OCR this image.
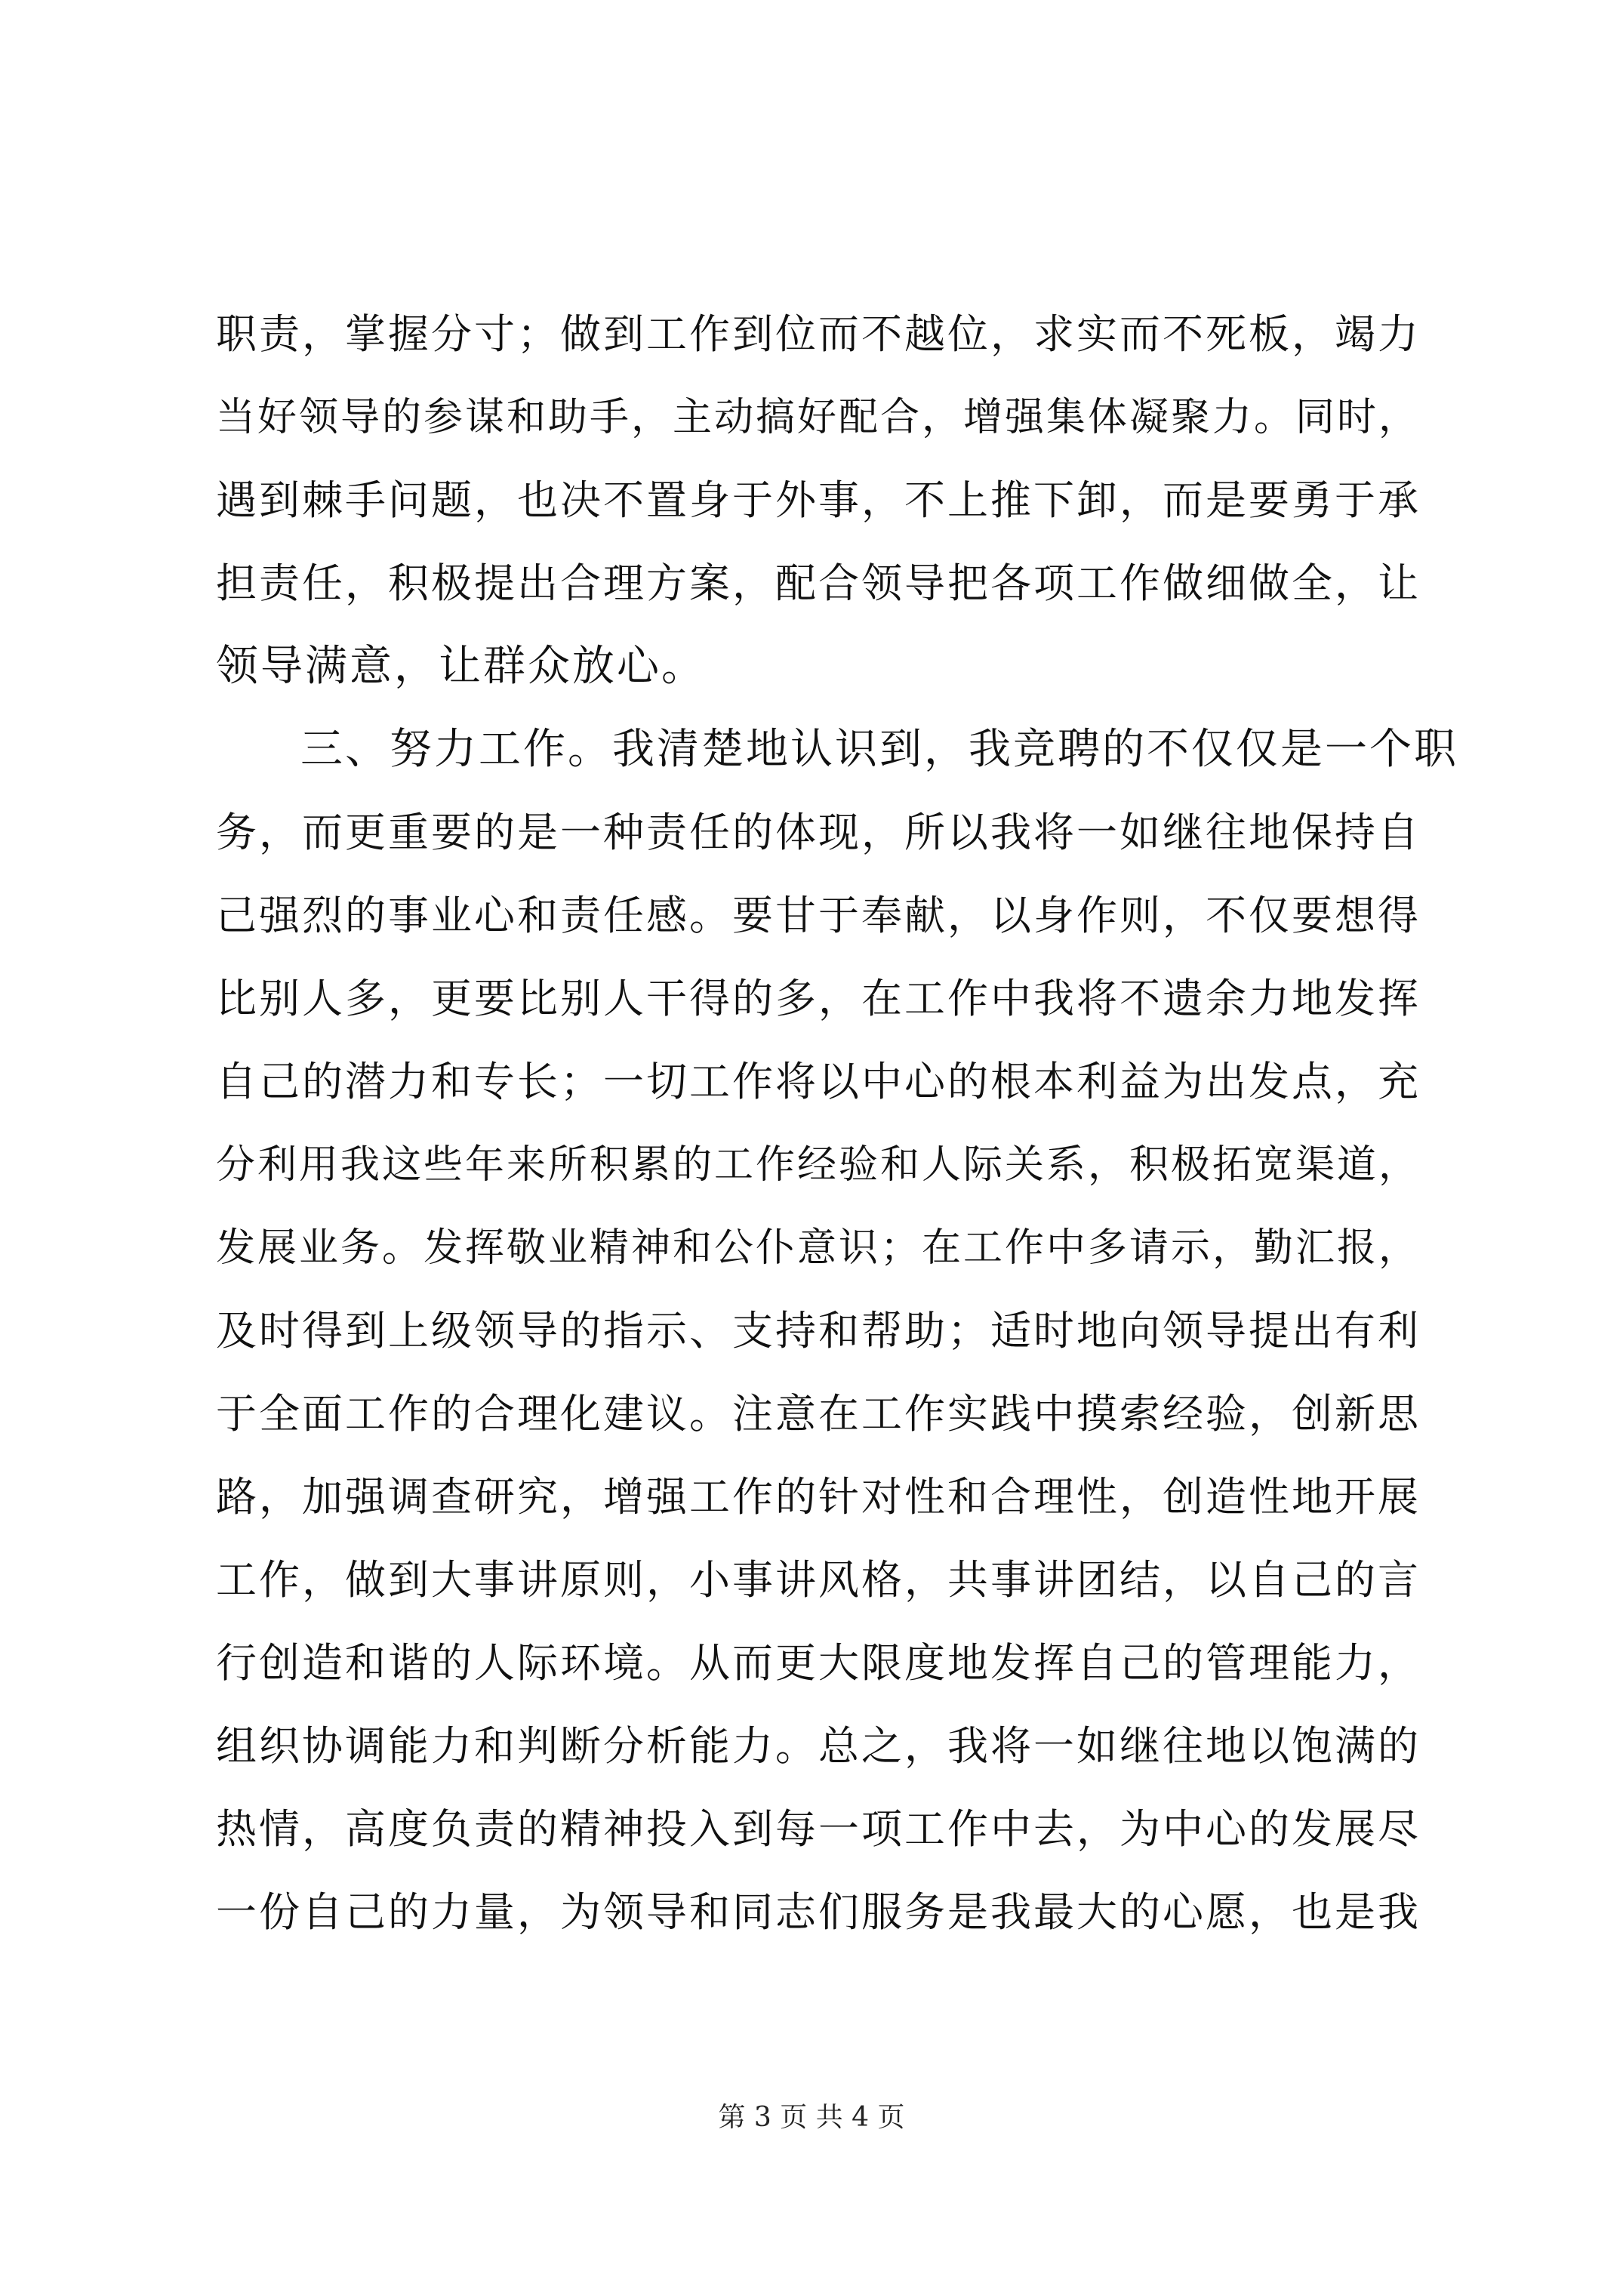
职责，掌握分寸；做到工作到位而不越位，求实而不死板，竭力
当好领导的参谋和助手，主动搞好配合，增强集体凝聚力。同时，
遇到棘手问题，也决不置身于外事，不上推下卸，而是要勇于承
担责任，积极提出合理方案，配合领导把各项工作做细做全，让
领导满意，让群众放心。
三、努力工作。我清楚地认识到，我竞聘的不仅仅是一个职
务，而更重要的是一种责任的体现，所以我将一如继往地保持自
己强烈的事业心和责任感。要甘于奉献，以身作则，不仅要想得
比别人多，更要比别人干得的多，在工作中我将不遗余力地发挥
自己的潜力和专长；一切工作将以中心的根本利益为出发点，充
分利用我这些年来所积累的工作经验和人际关系，积极拓宽渠道，
发展业务。发挥敬业精神和公仆意识；在工作中多请示，勤汇报，
及时得到上级领导的指示、支持和帮助；适时地向领导提出有利
于全面工作的合理化建议。注意在工作实践中摸索经验，创新思
路，加强调查研究，增强工作的针对性和合理性，创造性地开展
工作，做到大事讲原则，小事讲风格，共事讲团结，以自己的言
行创造和谐的人际环境。从而更大限度地发挥自己的管理能力，
组织协调能力和判断分析能力。总之，我将一如继往地以饱满的
热情，高度负责的精神投入到每一项工作中去，为中心的发展尽
一份自己的力量，为领导和同志们服务是我最大的心愿，也是我
第 3 页 共 4 页
